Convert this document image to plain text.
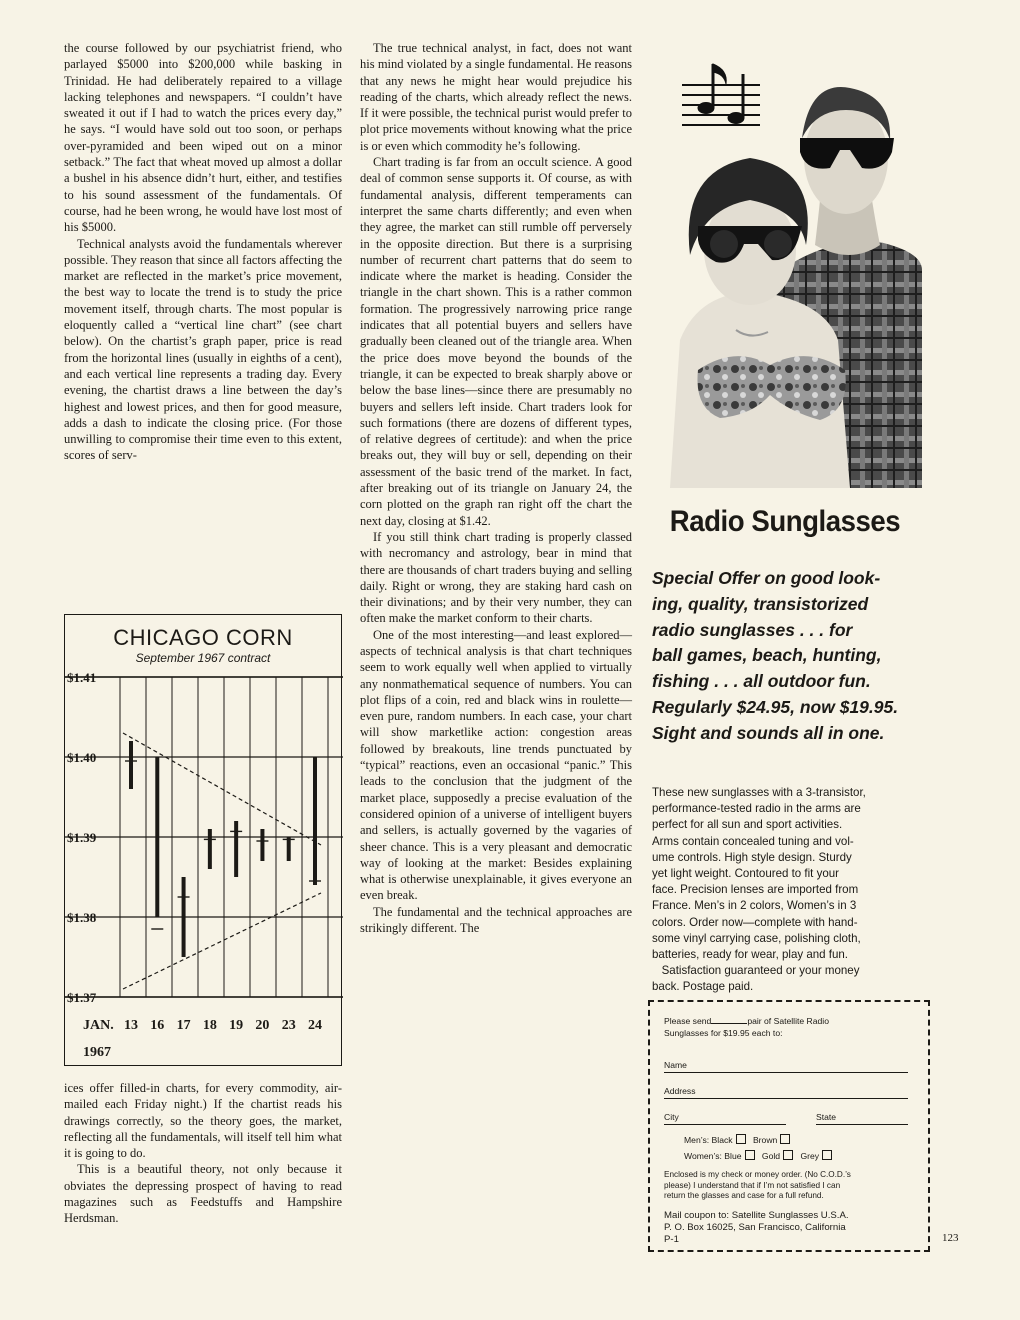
the course followed by our psychiatrist friend, who parlayed $5000 into $200,000 while basking in Trinidad. He had deliberately repaired to a village lacking telephones and newspapers. “I couldn’t have sweated it out if I had to watch the prices every day,” he says. “I would have sold out too soon, or perhaps over-pyramided and been wiped out on a minor setback.” The fact that wheat moved up almost a dollar a bushel in his absence didn’t hurt, either, and testifies to his sound assessment of the fundamentals. Of course, had he been wrong, he would have lost most of his $5000.

Technical analysts avoid the fundamentals wherever possible. They reason that since all factors affecting the market are reflected in the market’s price movement, the best way to locate the trend is to study the price movement itself, through charts. The most popular is eloquently called a “vertical line chart” (see chart below). On the chartist’s graph paper, price is read from the horizontal lines (usually in eighths of a cent), and each vertical line represents a trading day. Every evening, the chartist draws a line between the day’s highest and lowest prices, and then for good measure, adds a dash to indicate the closing price. (For those unwilling to compromise their time even to this extent, scores of serv-

CHICAGO CORN
September 1967 contract
$1.41
$1.40
$1.39
$1.38
$1.37
13 16 17 18 19 20 23 24
JAN.
1967

ices offer filled-in charts, for every commodity, air-mailed each Friday night.) If the chartist reads his drawings correctly, so the theory goes, the market, reflecting all the fundamentals, will itself tell him what it is going to do.

This is a beautiful theory, not only because it obviates the depressing prospect of having to read magazines such as Feedstuffs and Hampshire Herdsman.

The true technical analyst, in fact, does not want his mind violated by a single fundamental. He reasons that any news he might hear would prejudice his reading of the charts, which already reflect the news. If it were possible, the technical purist would prefer to plot price movements without knowing what the price is or even which commodity he’s following.

Chart trading is far from an occult science. A good deal of common sense supports it. Of course, as with fundamental analysis, different temperaments can interpret the same charts differently; and even when they agree, the market can still rumble off perversely in the opposite direction. But there is a surprising number of recurrent chart patterns that do seem to indicate where the market is heading. Consider the triangle in the chart shown. This is a rather common formation. The progressively narrowing price range indicates that all potential buyers and sellers have gradually been cleaned out of the triangle area. When the price does move beyond the bounds of the triangle, it can be expected to break sharply above or below the base lines—since there are presumably no buyers and sellers left inside. Chart traders look for such formations (there are dozens of different types, of relative degrees of certitude): and when the price breaks out, they will buy or sell, depending on their assessment of the basic trend of the market. In fact, after breaking out of its triangle on January 24, the corn plotted on the graph ran right off the chart the next day, closing at $1.42.

If you still think chart trading is properly classed with necromancy and astrology, bear in mind that there are thousands of chart traders buying and selling daily. Right or wrong, they are staking hard cash on their divinations; and by their very number, they can often make the market conform to their charts.

One of the most interesting—and least explored—aspects of technical analysis is that chart techniques seem to work equally well when applied to virtually any nonmathematical sequence of numbers. You can plot flips of a coin, red and black wins in roulette—even pure, random numbers. In each case, your chart will show marketlike action: congestion areas followed by breakouts, line trends punctuated by “typical” reactions, even an occasional “panic.” This leads to the conclusion that the judgment of the market place, supposedly a precise evaluation of the considered opinion of a universe of intelligent buyers and sellers, is actually governed by the vagaries of sheer chance. This is a very pleasant and democratic way of looking at the market: Besides explaining what is otherwise unexplainable, it gives everyone an even break.

The fundamental and the technical approaches are strikingly different. The

Radio Sunglasses
Special Offer on good look-
ing, quality, transistorized
radio sunglasses . . . for
ball games, beach, hunting,
fishing . . . all outdoor fun.
Regularly $24.95, now $19.95.
Sight and sounds all in one.
These new sunglasses with a 3-transistor,
performance-tested radio in the arms are
perfect for all sun and sport activities.
Arms contain concealed tuning and vol-
ume controls. High style design. Sturdy
yet light weight. Contoured to fit your
face. Precision lenses are imported from
France. Men’s in 2 colors, Women’s in 3
colors. Order now—complete with hand-
some vinyl carrying case, polishing cloth,
batteries, ready for wear, play and fun.
Satisfaction guaranteed or your money
back. Postage paid.
Please send	pair of Satellite Radio
Sunglasses for $19.95 each to:
Name
Address
City	State
Men’s: Black Brown
Women’s: Blue Gold Grey
Enclosed is my check or money order. (No C.O.D.’s
please) I understand that if I’m not satisfied I can
return the glasses and case for a full refund.
Mail coupon to: Satellite Sunglasses U.S.A.
P. O. Box 16025, San Francisco, California
P-1	123
